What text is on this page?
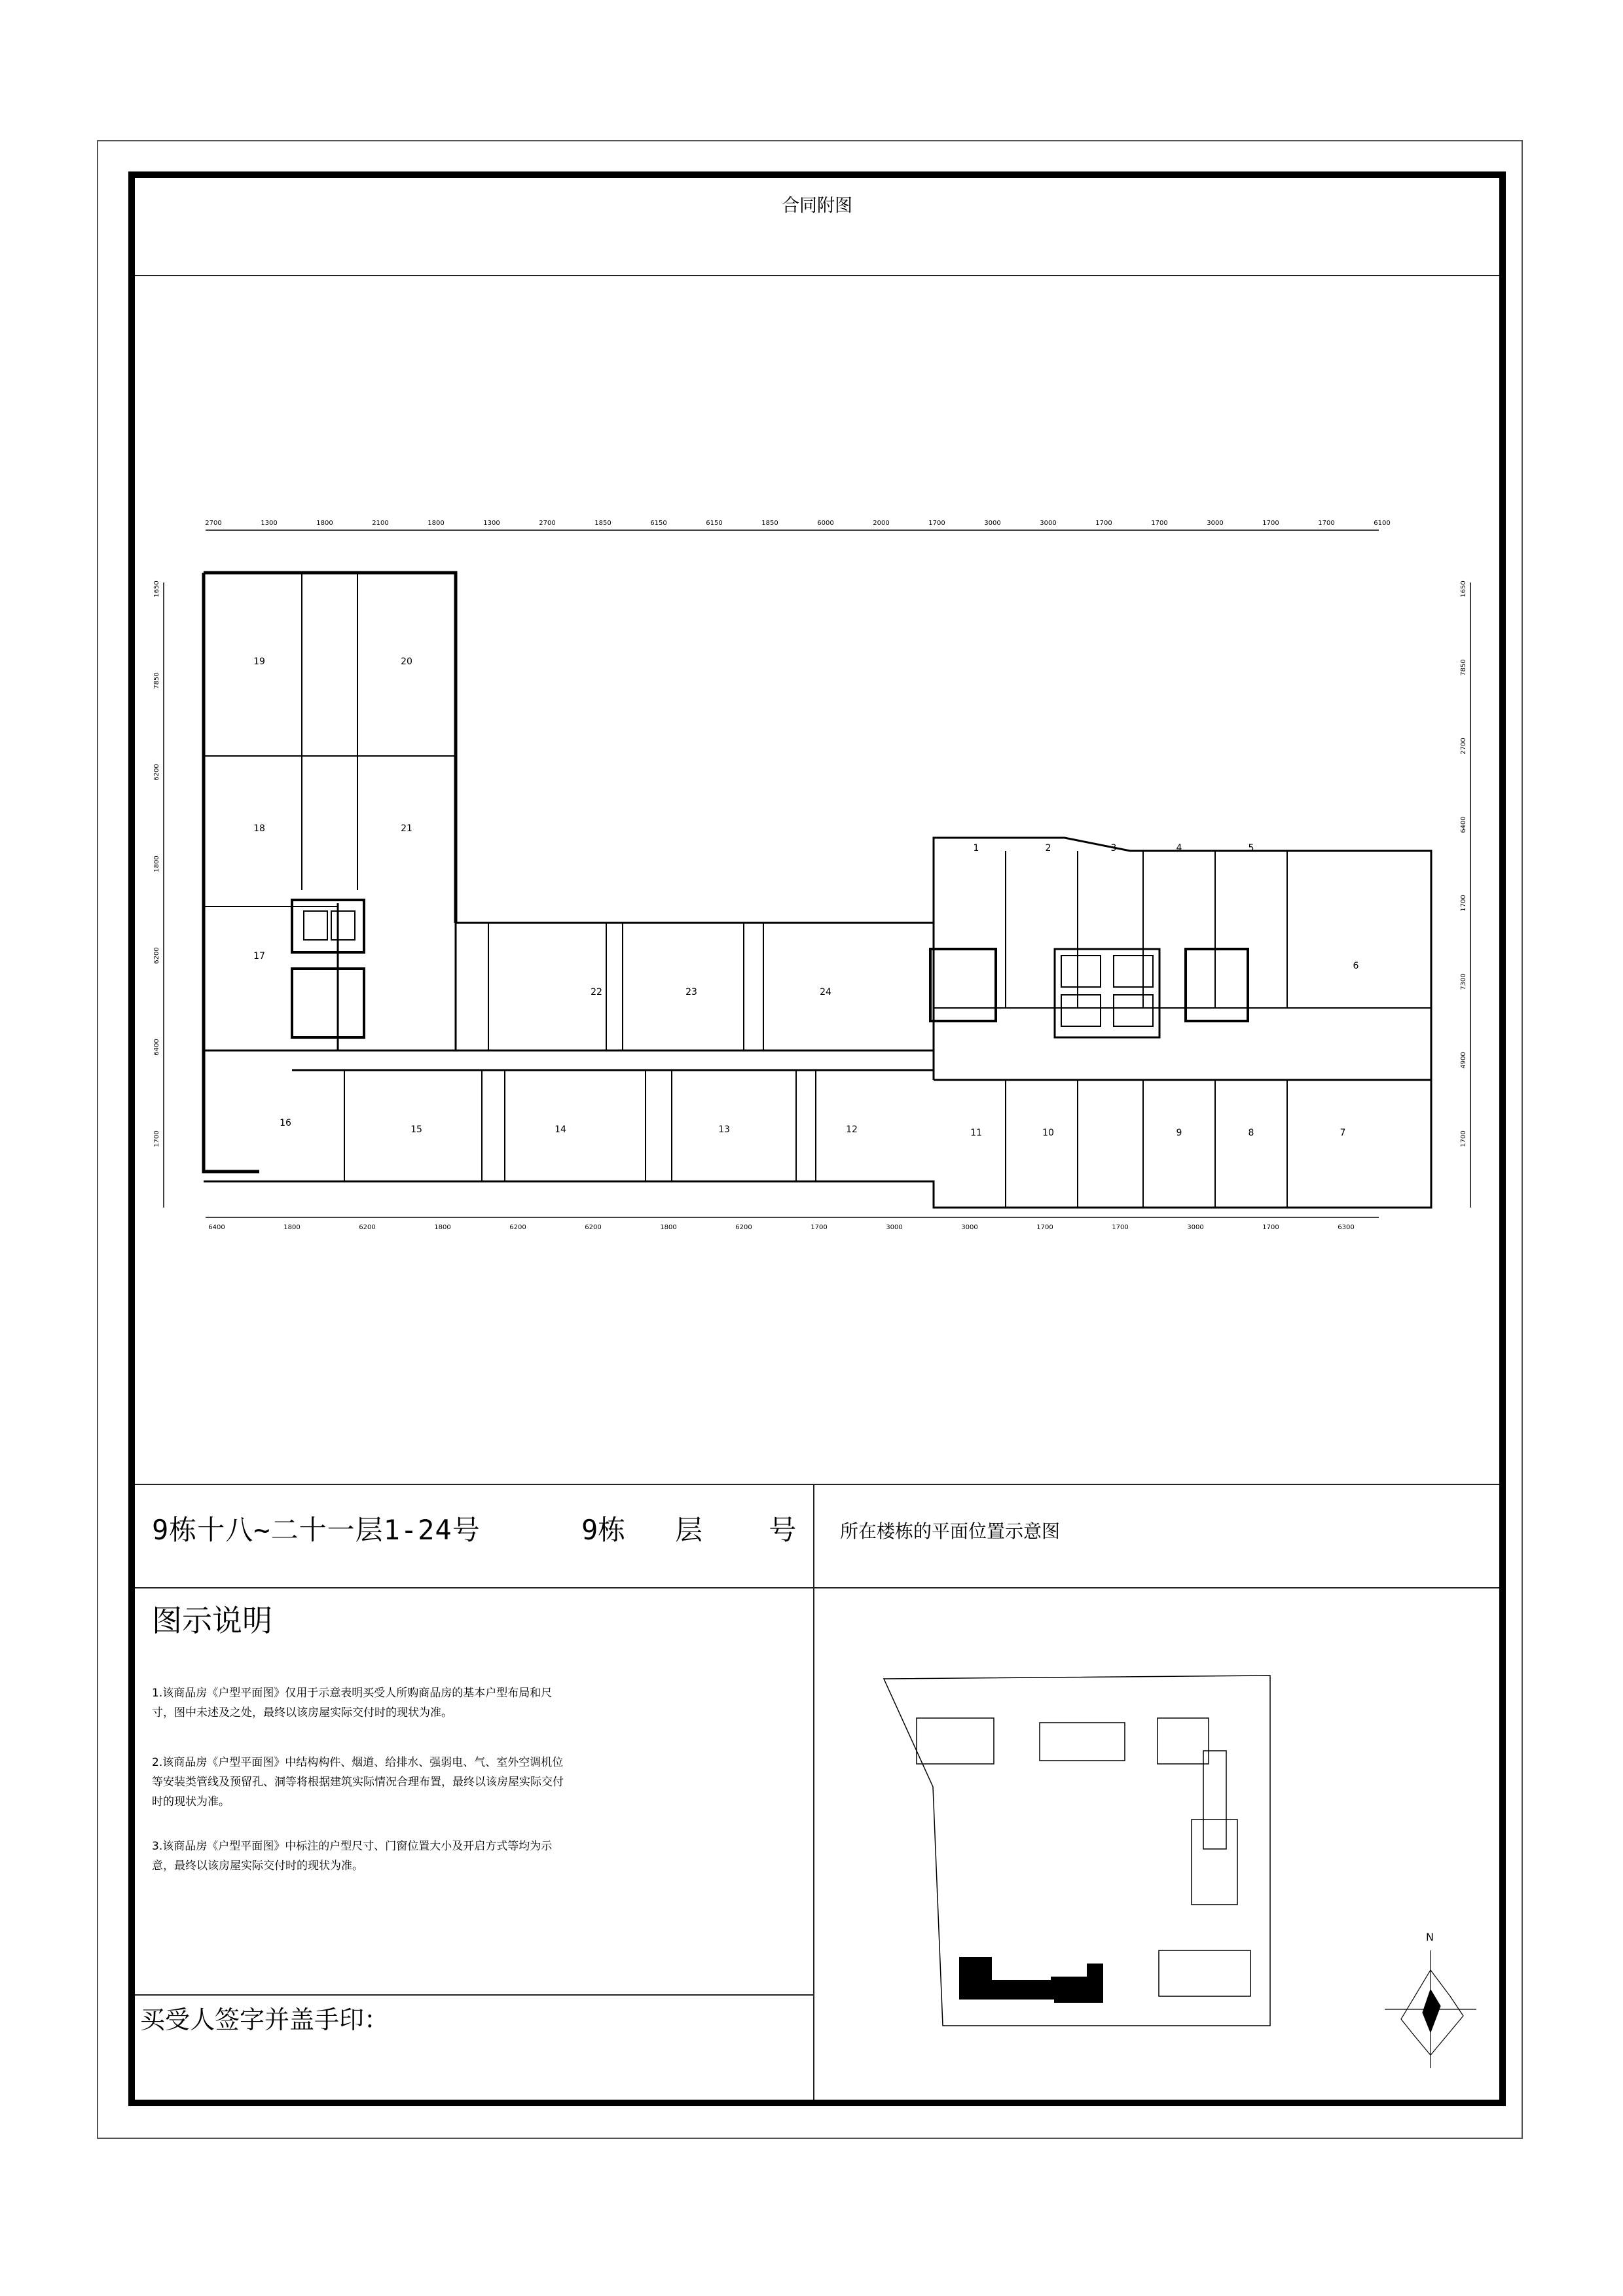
合同附图
2700	1300	1800	2100	1800	1300	2700	1850	6150	6150	1850	6000	2000	1700	3000	3000	1700	1700	3000	1700	1700	6100
6400	1800	6200	1800	6200	6200	1800	6200	1700	3000	3000	1700	1700	3000	1700	6300
1650
7850
6200
1800
6200
6400
1700
1650
7850
2700
6400
1700
7300
4900
1700
1	2	3	4	5
6
7
8
9
10
11
12
13
14
15
16
17
18
19	20
21
22	23	24
9栋十八~二十一层1-24号	9栋   层    号 所在楼栋的平面位置示意图
图示说明
1.该商品房《户型平面图》仅用于示意表明买受人所购商品房的基本户型布局和尺寸，图中未述及之处，最终以该房屋实际交付时的现状为准。
2.该商品房《户型平面图》中结构构件、烟道、给排水、强弱电、气、室外空调机位等安装类管线及预留孔、洞等将根据建筑实际情况合理布置，最终以该房屋实际交付时的现状为准。
3.该商品房《户型平面图》中标注的户型尺寸、门窗位置大小及开启方式等均为示意，最终以该房屋实际交付时的现状为准。
买受人签字并盖手印：
N
